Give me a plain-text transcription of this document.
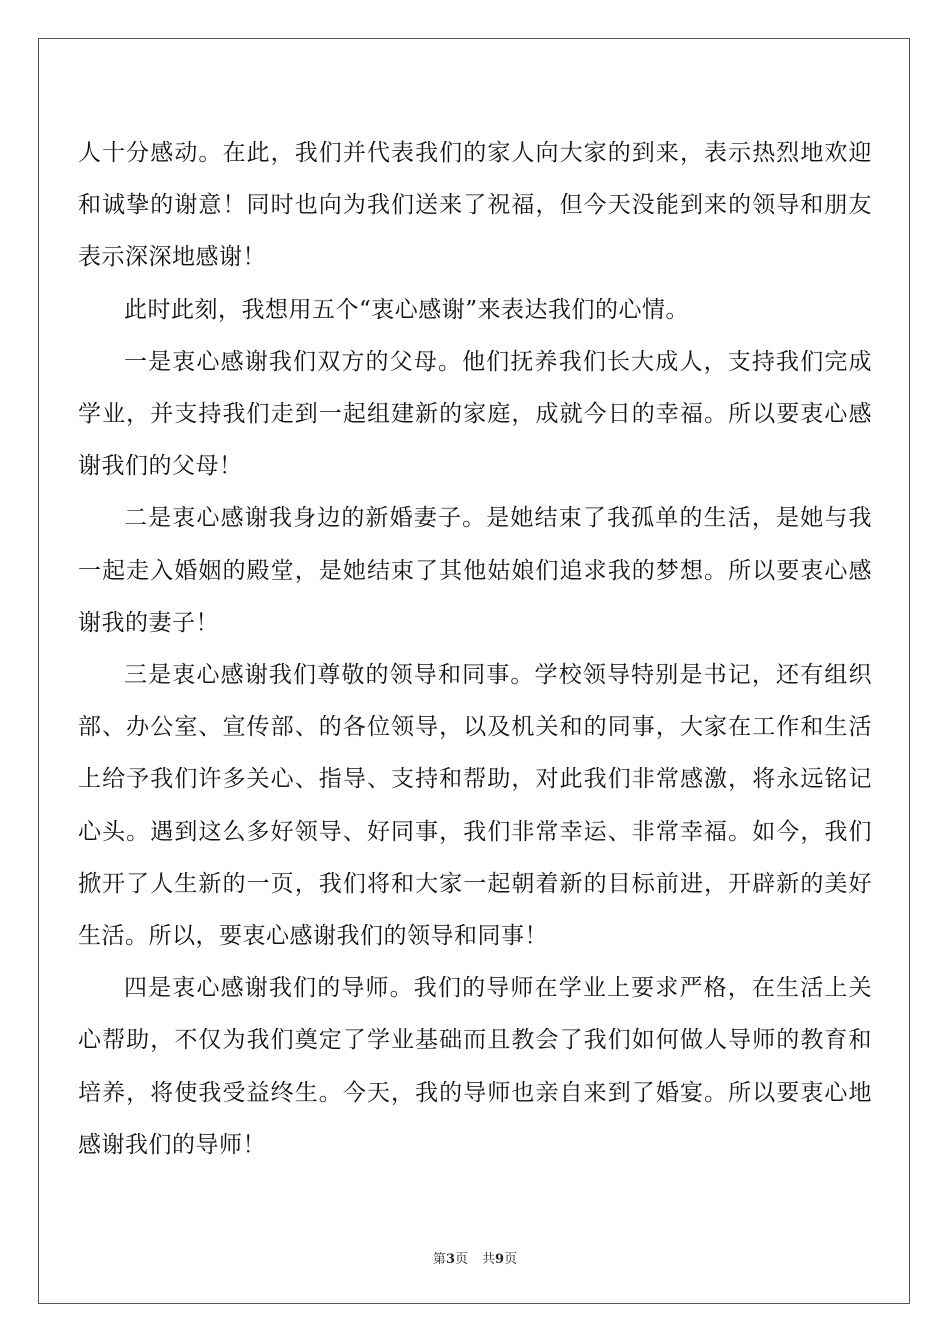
人十分感动。在此，我们并代表我们的家人向大家的到来，表示热烈地欢迎和诚挚的谢意！同时也向为我们送来了祝福，但今天没能到来的领导和朋友表示深深地感谢！

此时此刻，我想用五个“衷心感谢”来表达我们的心情。

一是衷心感谢我们双方的父母。他们抚养我们长大成人，支持我们完成学业，并支持我们走到一起组建新的家庭，成就今日的幸福。所以要衷心感谢我们的父母！

二是衷心感谢我身边的新婚妻子。是她结束了我孤单的生活，是她与我一起走入婚姻的殿堂，是她结束了其他姑娘们追求我的梦想。所以要衷心感谢我的妻子！

三是衷心感谢我们尊敬的领导和同事。学校领导特别是书记，还有组织部、办公室、宣传部、的各位领导，以及机关和的同事，大家在工作和生活上给予我们许多关心、指导、支持和帮助，对此我们非常感激，将永远铭记心头。遇到这么多好领导、好同事，我们非常幸运、非常幸福。如今，我们掀开了人生新的一页，我们将和大家一起朝着新的目标前进，开辟新的美好生活。所以，要衷心感谢我们的领导和同事！

四是衷心感谢我们的导师。我们的导师在学业上要求严格，在生活上关心帮助，不仅为我们奠定了学业基础而且教会了我们如何做人导师的教育和培养，将使我受益终生。今天，我的导师也亲自来到了婚宴。所以要衷心地感谢我们的导师！

第3页 共9页
